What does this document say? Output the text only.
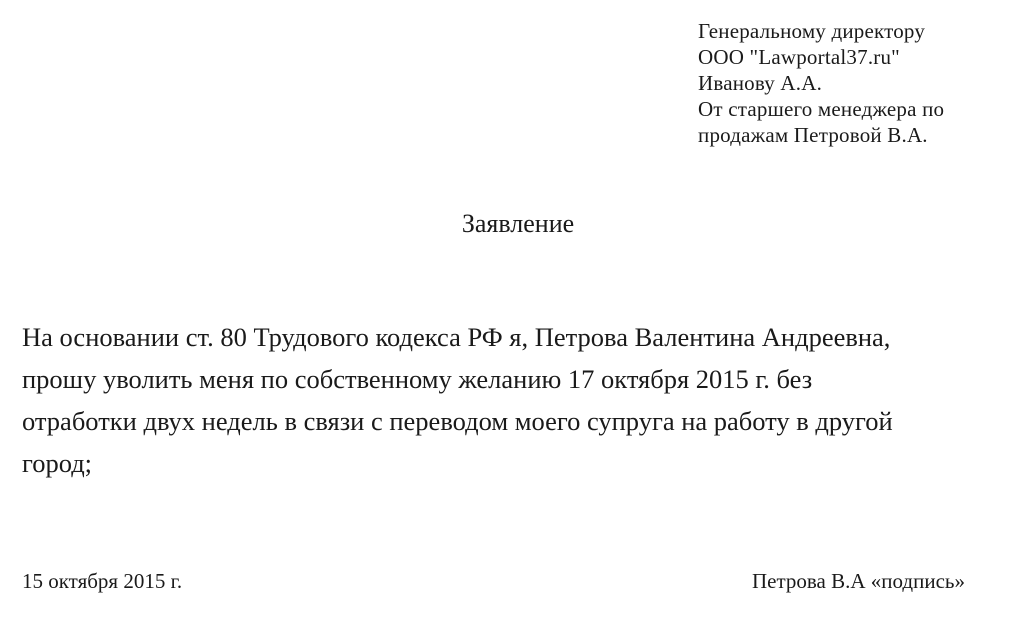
Генеральному директору
ООО "Lawportal37.ru"
Иванову А.А.
От старшего менеджера по
продажам Петровой В.А.
Заявление
На основании ст. 80 Трудового кодекса РФ я, Петрова Валентина Андреевна,
прошу уволить меня по собственному желанию 17 октября 2015 г. без
отработки двух недель в связи с переводом моего супруга на работу в другой
город;
15 октября 2015 г.	Петрова В.А «подпись»
